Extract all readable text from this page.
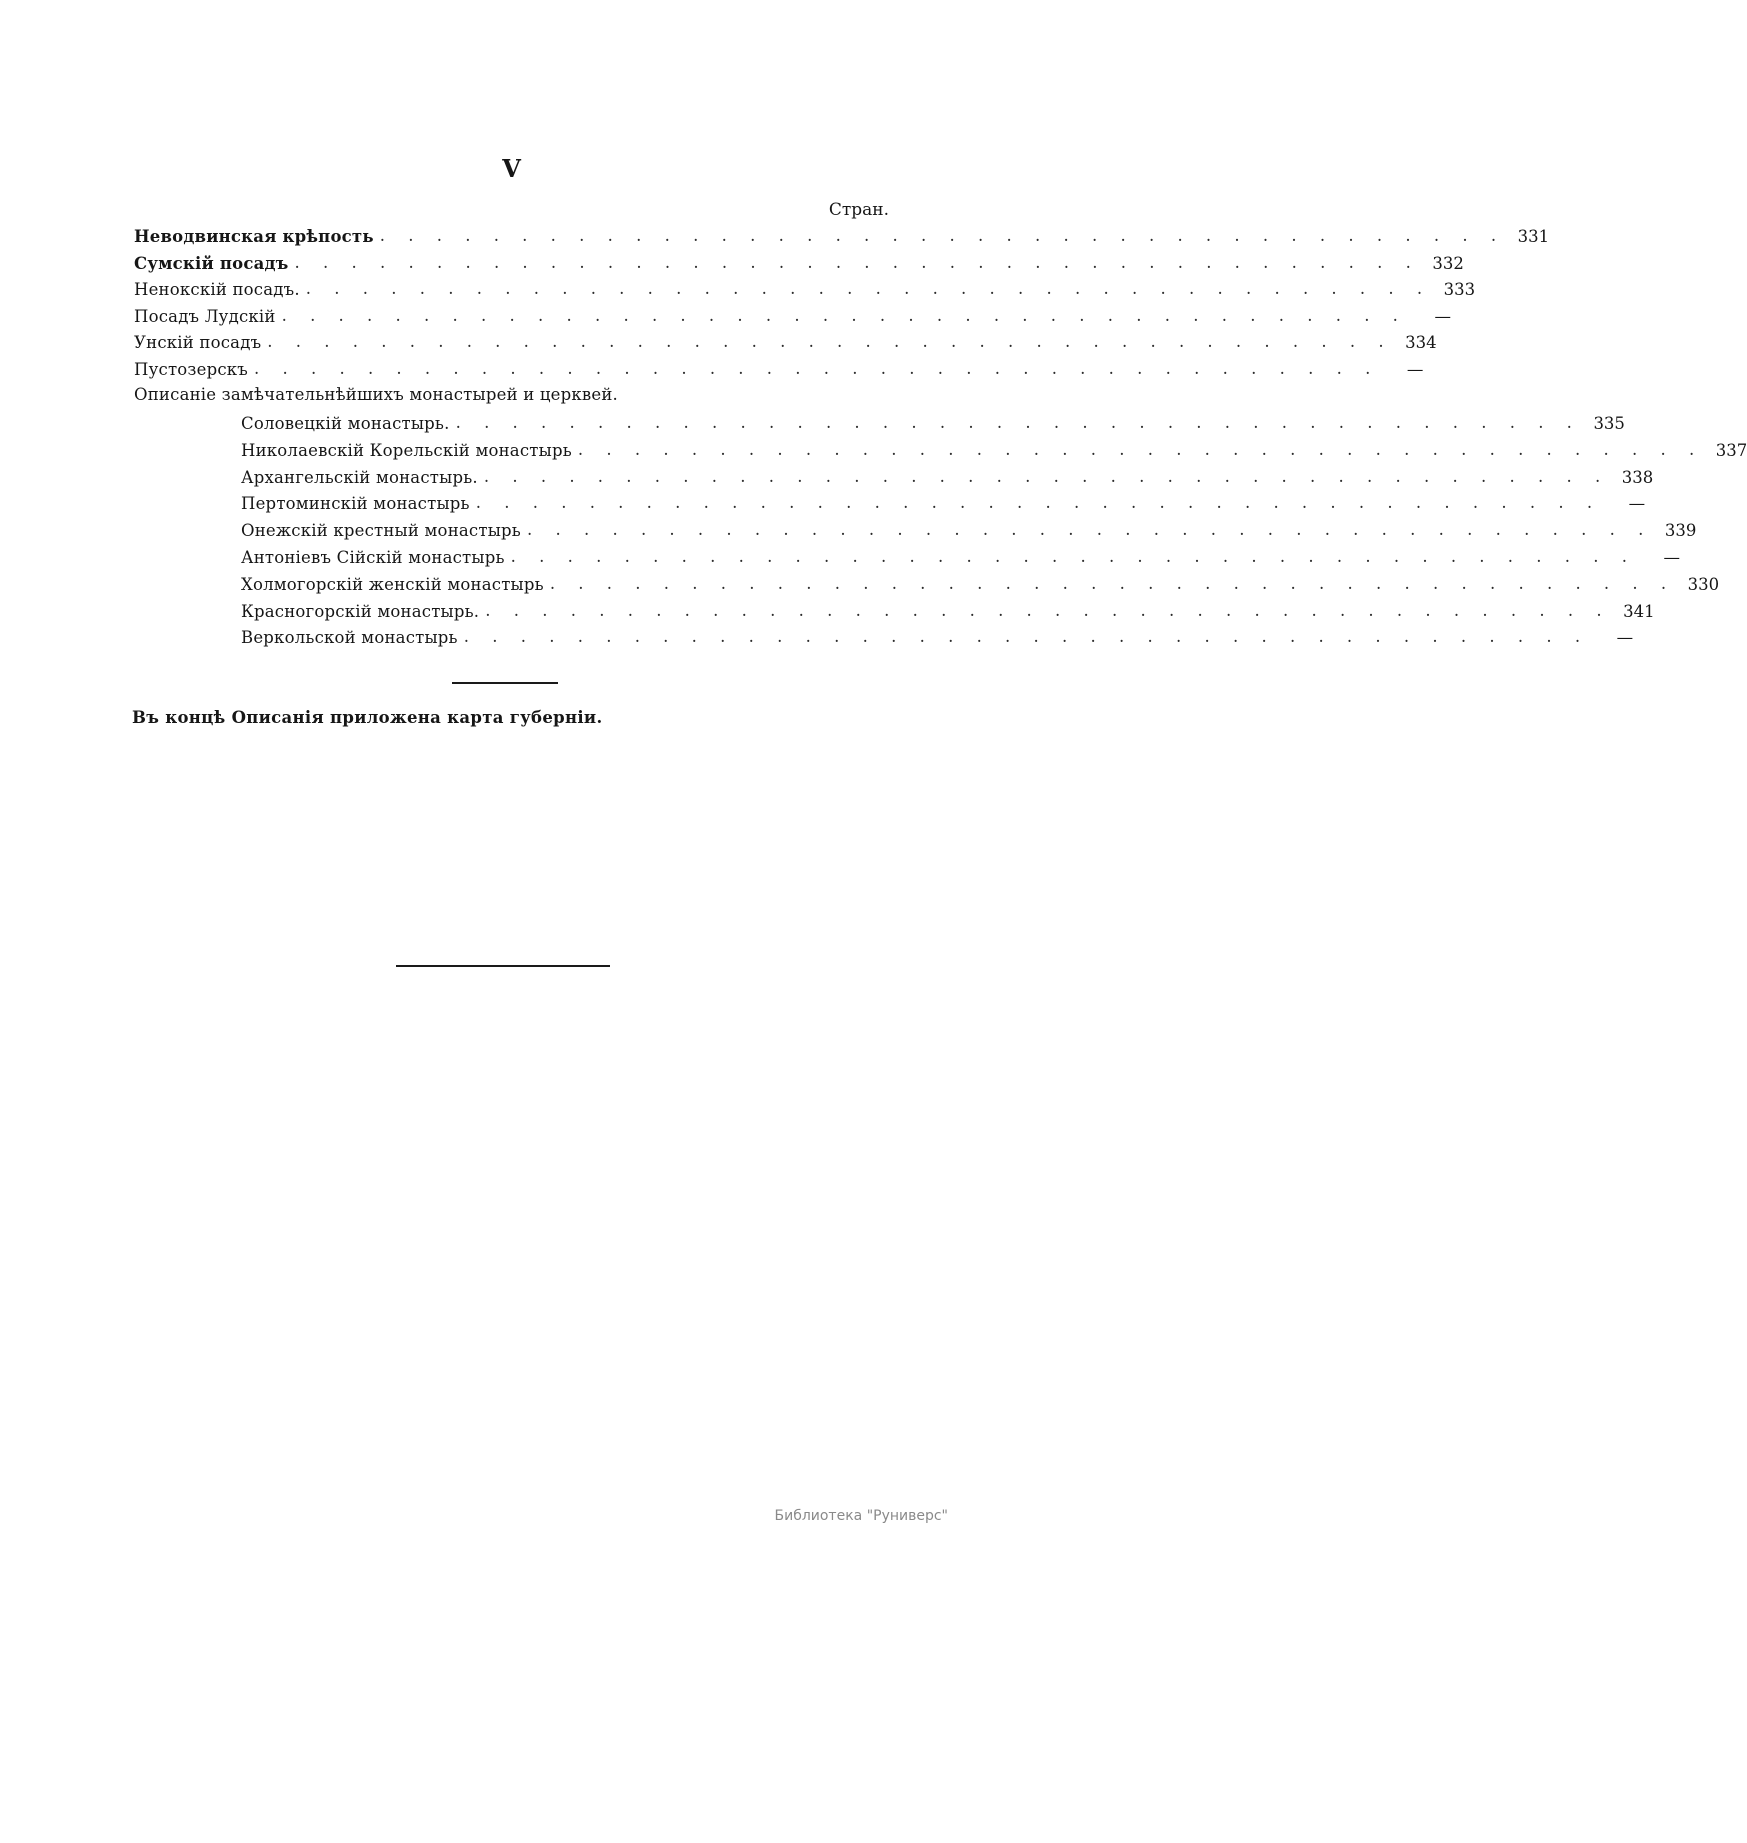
V
Стран.
Неводвинская крѣпость . . . . . . . . . . . . . . . . . . . . . . . . . . . . . . . . . . . . . . . . 331
Сумскій посадъ . . . . . . . . . . . . . . . . . . . . . . . . . . . . . . . . . . . . . . . . 332
Ненокскій посадъ. . . . . . . . . . . . . . . . . . . . . . . . . . . . . . . . . . . . . . . . . 333
Посадъ Лудскій . . . . . . . . . . . . . . . . . . . . . . . . . . . . . . . . . . . . . . . .	—
Унскій посадъ . . . . . . . . . . . . . . . . . . . . . . . . . . . . . . . . . . . . . . . . 334
Пустозерскъ . . . . . . . . . . . . . . . . . . . . . . . . . . . . . . . . . . . . . . . .	—
Описаніе замѣчательнѣйшихъ монастырей и церквей.
Соловецкій монастырь. . . . . . . . . . . . . . . . . . . . . . . . . . . . . . . . . . . . . . . . . 335
Николаевскій Корельскій монастырь . . . . . . . . . . . . . . . . . . . . . . . . . . . . . . . . . . . . . . . . 337
Архангельскій монастырь. . . . . . . . . . . . . . . . . . . . . . . . . . . . . . . . . . . . . . . . . 338
Пертоминскій монастырь . . . . . . . . . . . . . . . . . . . . . . . . . . . . . . . . . . . . . . . .	—
Онежскій крестный монастырь . . . . . . . . . . . . . . . . . . . . . . . . . . . . . . . . . . . . . . . . 339
Антоніевъ Сійскій монастырь . . . . . . . . . . . . . . . . . . . . . . . . . . . . . . . . . . . . . . . .	—
Холмогорскій женскій монастырь . . . . . . . . . . . . . . . . . . . . . . . . . . . . . . . . . . . . . . . . 330
Красногорскій монастырь. . . . . . . . . . . . . . . . . . . . . . . . . . . . . . . . . . . . . . . . . 341
Веркольской монастырь . . . . . . . . . . . . . . . . . . . . . . . . . . . . . . . . . . . . . . . .	—
Въ концѣ Описанія приложена карта губерніи.
Библиотека "Руниверс"
